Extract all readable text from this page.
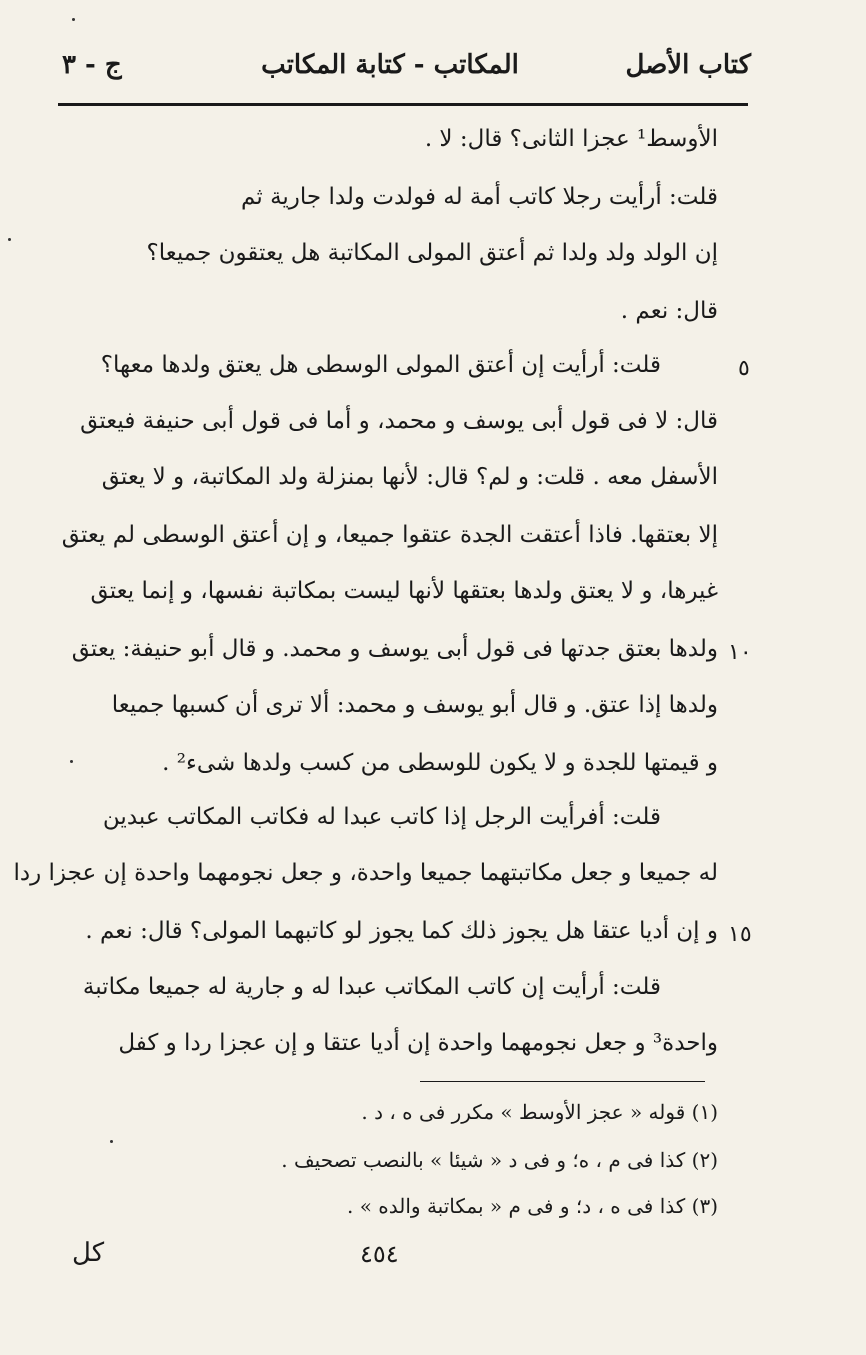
كتاب الأصل
المكاتب - كتابة المكاتب
ج - ٣
الأوسط¹ عجزا الثانى؟ قال: لا .
قلت: أرأيت رجلا كاتب أمة له فولدت ولدا جارية ثم
إن الولد ولد ولدا ثم أعتق المولى المكاتبة هل يعتقون جميعا؟
قال: نعم .
قلت: أرأيت إن أعتق المولى الوسطى هل يعتق ولدها معها؟
قال: لا فى قول أبى يوسف و محمد، و أما فى قول أبى حنيفة فيعتق
الأسفل معه . قلت: و لم؟ قال: لأنها بمنزلة ولد المكاتبة، و لا يعتق
إلا بعتقها. فاذا أعتقت الجدة عتقوا جميعا، و إن أعتق الوسطى لم يعتق
غيرها، و لا يعتق ولدها بعتقها لأنها ليست بمكاتبة نفسها، و إنما يعتق
ولدها بعتق جدتها فى قول أبى يوسف و محمد. و قال أبو حنيفة: يعتق
ولدها إذا عتق. و قال أبو يوسف و محمد: ألا ترى أن كسبها جميعا
و قيمتها للجدة و لا يكون للوسطى من كسب ولدها شىء² .
قلت: أفرأيت الرجل إذا كاتب عبدا له فكاتب المكاتب عبدين
له جميعا و جعل مكاتبتهما جميعا واحدة، و جعل نجومهما واحدة إن عجزا ردا
و إن أديا عتقا هل يجوز ذلك كما يجوز لو كاتبهما المولى؟ قال: نعم .
قلت: أرأيت إن كاتب المكاتب عبدا له و جارية له جميعا مكاتبة
واحدة³ و جعل نجومهما واحدة إن أديا عتقا و إن عجزا ردا و كفل
٥
١٠
١٥
(١) قوله « عجز الأوسط » مكرر فى ه ، د .
(٢) كذا فى م ، ه؛ و فى د « شيئا » بالنصب تصحيف .
(٣) كذا فى ه ، د؛ و فى م « بمكاتبة والده » .
٤٥٤
كل
